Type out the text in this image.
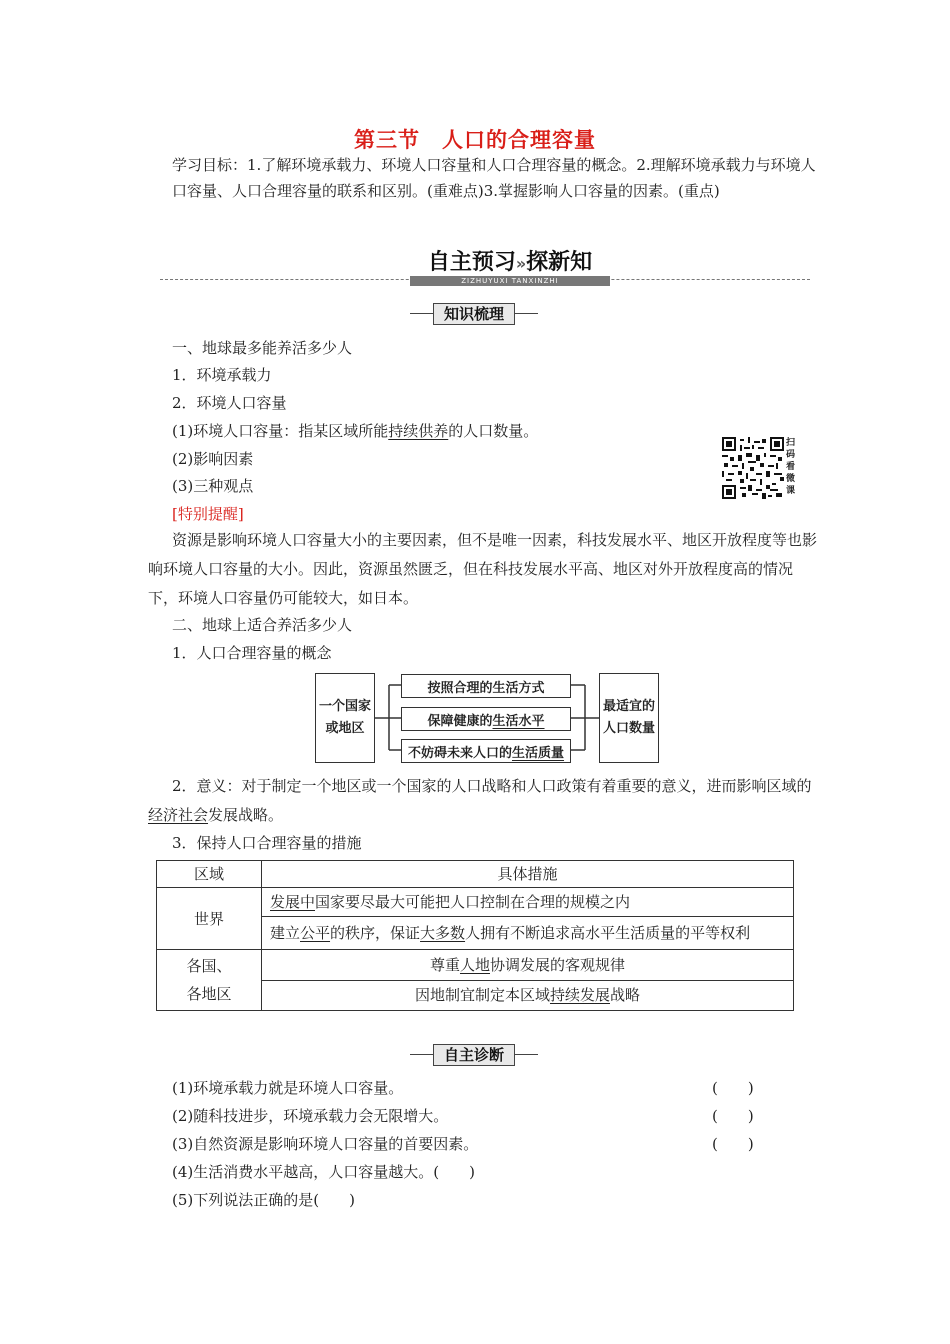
第三节　人口的合理容量
学习目标：1.了解环境承载力、环境人口容量和人口合理容量的概念。2.理解环境承载力与环境人口容量、人口合理容量的联系和区别。(重难点)3.掌握影响人口容量的因素。(重点)
自主预习»探新知
ZIZHUYUXI TANXINZHI
知识梳理
一、地球最多能养活多少人
1．环境承载力
2．环境人口容量
(1)环境人口容量：指某区域所能持续供养的人口数量。
(2)影响因素
(3)三种观点
扫
码
看
微
课
[特别提醒]
资源是影响环境人口容量大小的主要因素，但不是唯一因素，科技发展水平、地区开放程度等也影响环境人口容量的大小。因此，资源虽然匮乏，但在科技发展水平高、地区对外开放程度高的情况下，环境人口容量仍可能较大，如日本。
二、地球上适合养活多少人
1．人口合理容量的概念
一个国家
或地区
按照合理的生活方式
保障健康的 生活水平
不妨碍未来人口的 生活质量
最适宜的
人口数量
2．意义：对于制定一个地区或一个国家的人口战略和人口政策有着重要的意义，进而影响区域的经济社会发展战略。
3．保持人口合理容量的措施
区域	具体措施
世界	发展中国家要尽最大可能把人口控制在合理的规模之内
	建立公平的秩序，保证大多数人拥有不断追求高水平生活质量的平等权利

各国、
各地区	尊重人地协调发展的客观规律
	因地制宜制定本区域持续发展战略
自主诊断
(1)环境承载力就是环境人口容量。	(　　)
(2)随科技进步，环境承载力会无限增大。	(　　)
(3)自然资源是影响环境人口容量的首要因素。	(　　)
(4)生活消费水平越高，人口容量越大。(　　)
(5)下列说法正确的是(　　)
